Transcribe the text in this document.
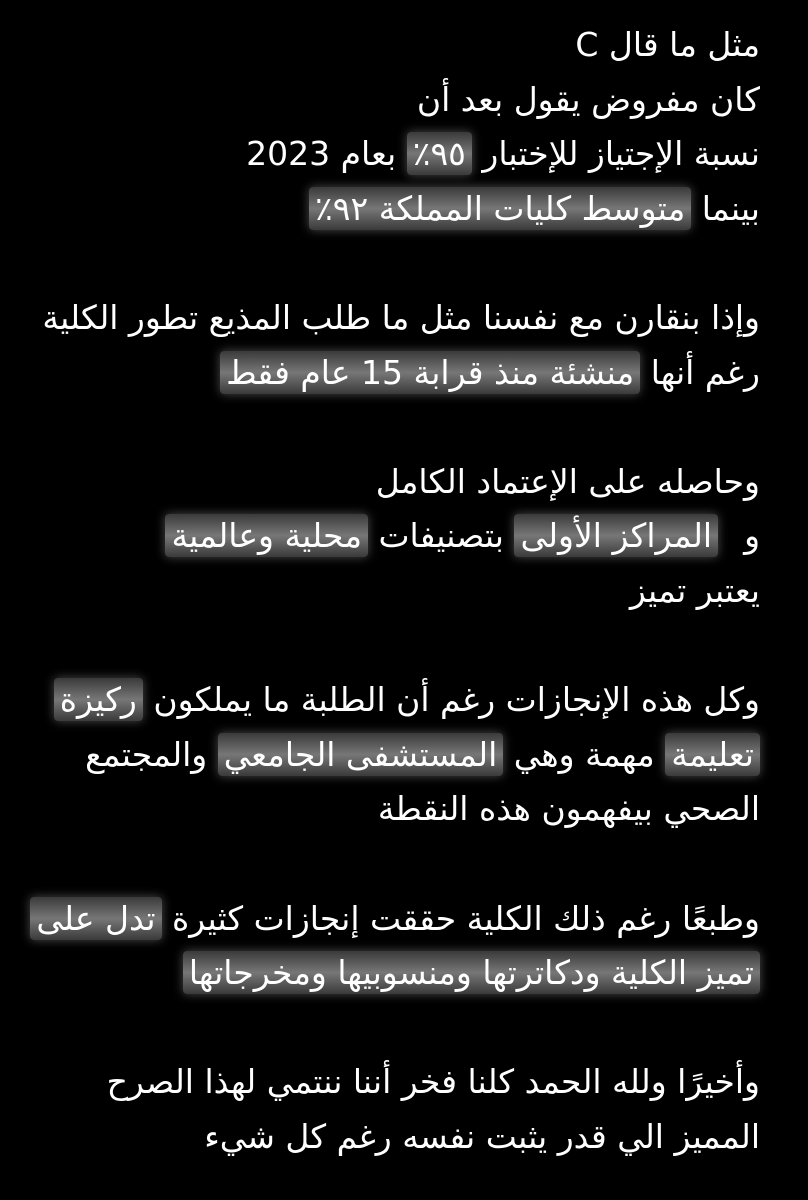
مثل ما قال C
كان مفروض يقول بعد أن
نسبة الإجتياز للإختبار ٩٥٪ بعام 2023
بينما متوسط كليات المملكة ٩٢٪
وإذا بنقارن مع نفسنا مثل ما طلب المذيع تطور الكلية
رغم أنها منشئة منذ قرابة 15 عام فقط
وحاصله على الإعتماد الكامل
والمراكز الأولى بتصنيفات محلية وعالمية
يعتبر تميز
وكل هذه الإنجازات رغم أن الطلبة ما يملكون ركيزة
تعليمة مهمة وهي المستشفى الجامعي والمجتمع
الصحي بيفهمون هذه النقطة
وطبعًا رغم ذلك الكلية حققت إنجازات كثيرة تدل على
تميز الكلية ودكاترتها ومنسوبيها ومخرجاتها
وأخيرًا ولله الحمد كلنا فخر أننا ننتمي لهذا الصرح
المميز الي قدر يثبت نفسه رغم كل شيء
